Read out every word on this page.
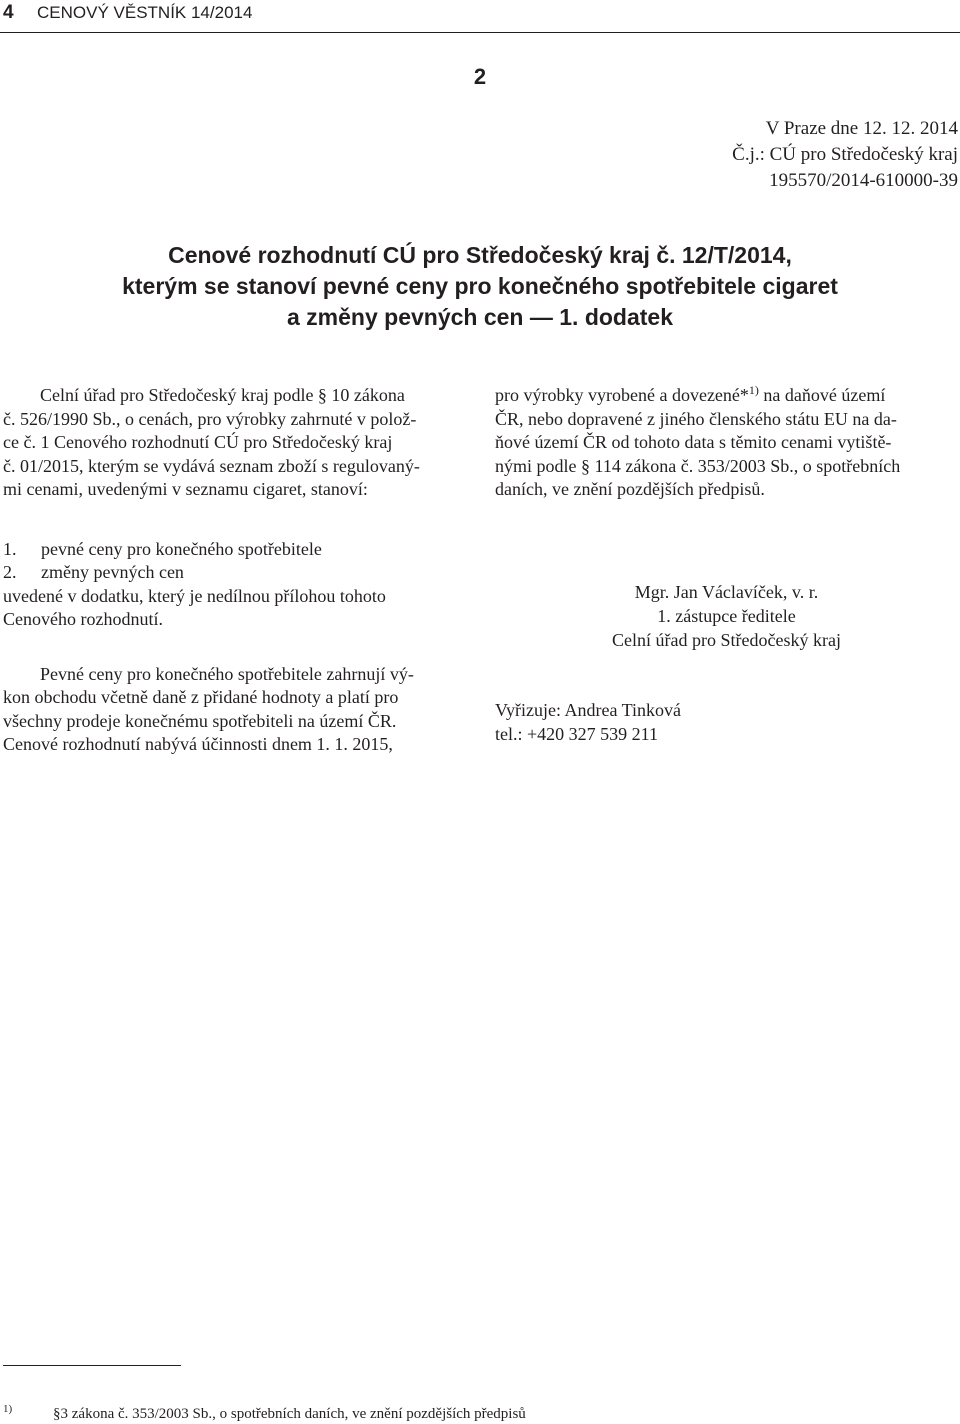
4 CENOVÝ VĚSTNÍK 14/2014
2
V Praze dne 12. 12. 2014
Č.j.: CÚ pro Středočeský kraj
195570/2014-610000-39
Cenové rozhodnutí CÚ pro Středočeský kraj č. 12/T/2014,
kterým se stanoví pevné ceny pro konečného spotřebitele cigaret
a změny pevných cen — 1. dodatek
Celní úřad pro Středočeský kraj podle § 10 zákona
č. 526/1990 Sb., o cenách, pro výrobky zahrnuté v polož-
ce č. 1 Cenového rozhodnutí CÚ pro Středočeský kraj
č. 01/2015, kterým se vydává seznam zboží s regulovaný-
mi cenami, uvedenými v seznamu cigaret, stanoví:
1.	pevné ceny pro konečného spotřebitele
2.	změny pevných cen
uvedené v dodatku, který je nedílnou přílohou tohoto
Cenového rozhodnutí.
Pevné ceny pro konečného spotřebitele zahrnují vý-
kon obchodu včetně daně z přidané hodnoty a platí pro
všechny prodeje konečnému spotřebiteli na území ČR.
Cenové rozhodnutí nabývá účinnosti dnem 1. 1. 2015,
pro výrobky vyrobené a dovezené*$^{1)}$ na daňové území
ČR, nebo dopravené z jiného členského státu EU na da-
ňové území ČR od tohoto data s těmito cenami vytiště-
nými podle § 114 zákona č. 353/2003 Sb., o spotřebních
daních, ve znění pozdějších předpisů.
Mgr. Jan Václavíček, v. r.
1. zástupce ředitele
Celní úřad pro Středočeský kraj
Vyřizuje: Andrea Tinková
tel.: +420 327 539 211
1)	§3 zákona č. 353/2003 Sb., o spotřebních daních, ve znění pozdějších předpisů
